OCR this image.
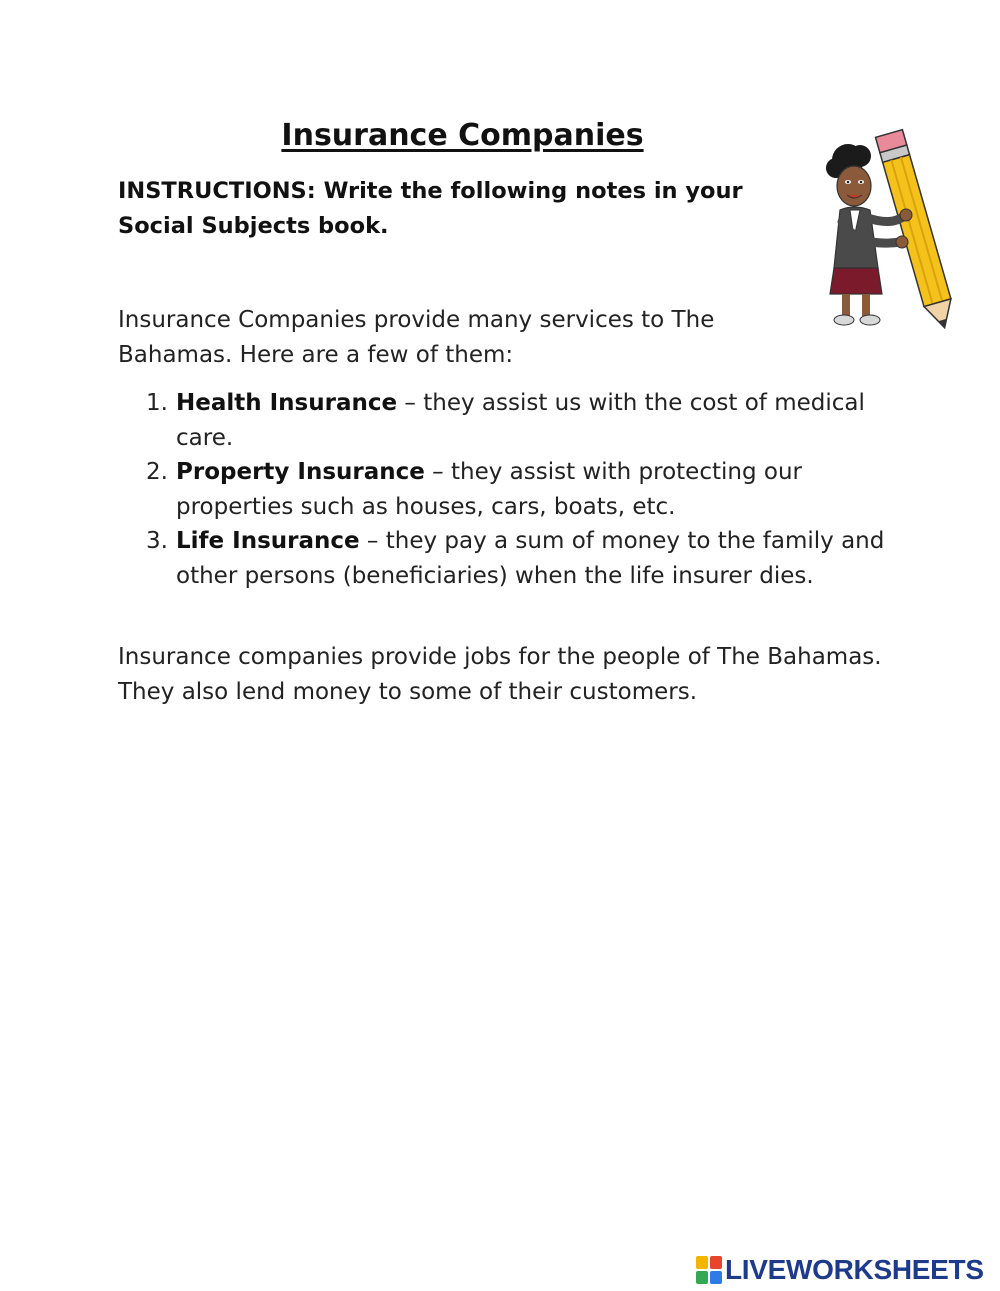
Insurance Companies

INSTRUCTIONS: Write the following notes in your Social Subjects book.

Insurance Companies provide many services to The Bahamas. Here are a few of them:

1. Health Insurance – they assist us with the cost of medical care.
2. Property Insurance – they assist with protecting our properties such as houses, cars, boats, etc.
3. Life Insurance – they pay a sum of money to the family and other persons (beneficiaries) when the life insurer dies.

Insurance companies provide jobs for the people of The Bahamas. They also lend money to some of their customers.

LIVEWORKSHEETS
